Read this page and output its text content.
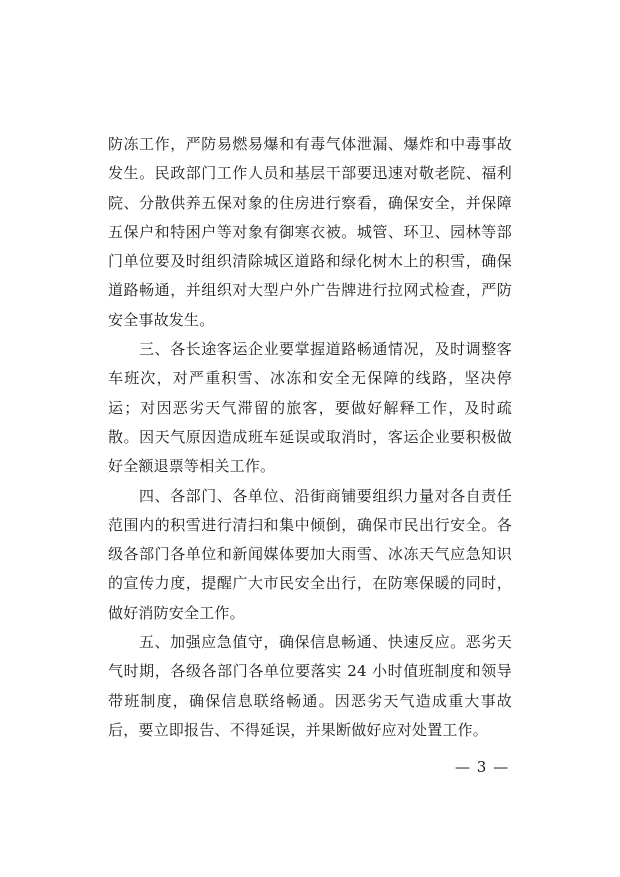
防冻工作，严防易燃易爆和有毒气体泄漏、爆炸和中毒事故发生。民政部门工作人员和基层干部要迅速对敬老院、福利院、分散供养五保对象的住房进行察看，确保安全，并保障五保户和特困户等对象有御寒衣被。城管、环卫、园林等部门单位要及时组织清除城区道路和绿化树木上的积雪，确保道路畅通，并组织对大型户外广告牌进行拉网式检查，严防安全事故发生。

三、各长途客运企业要掌握道路畅通情况，及时调整客车班次，对严重积雪、冰冻和安全无保障的线路，坚决停运；对因恶劣天气滞留的旅客，要做好解释工作，及时疏散。因天气原因造成班车延误或取消时，客运企业要积极做好全额退票等相关工作。

四、各部门、各单位、沿街商铺要组织力量对各自责任范围内的积雪进行清扫和集中倾倒，确保市民出行安全。各级各部门各单位和新闻媒体要加大雨雪、冰冻天气应急知识的宣传力度，提醒广大市民安全出行，在防寒保暖的同时，做好消防安全工作。

五、加强应急值守，确保信息畅通、快速反应。恶劣天气时期，各级各部门各单位要落实 24 小时值班制度和领导带班制度，确保信息联络畅通。因恶劣天气造成重大事故后，要立即报告、不得延误，并果断做好应对处置工作。

— 3 —
